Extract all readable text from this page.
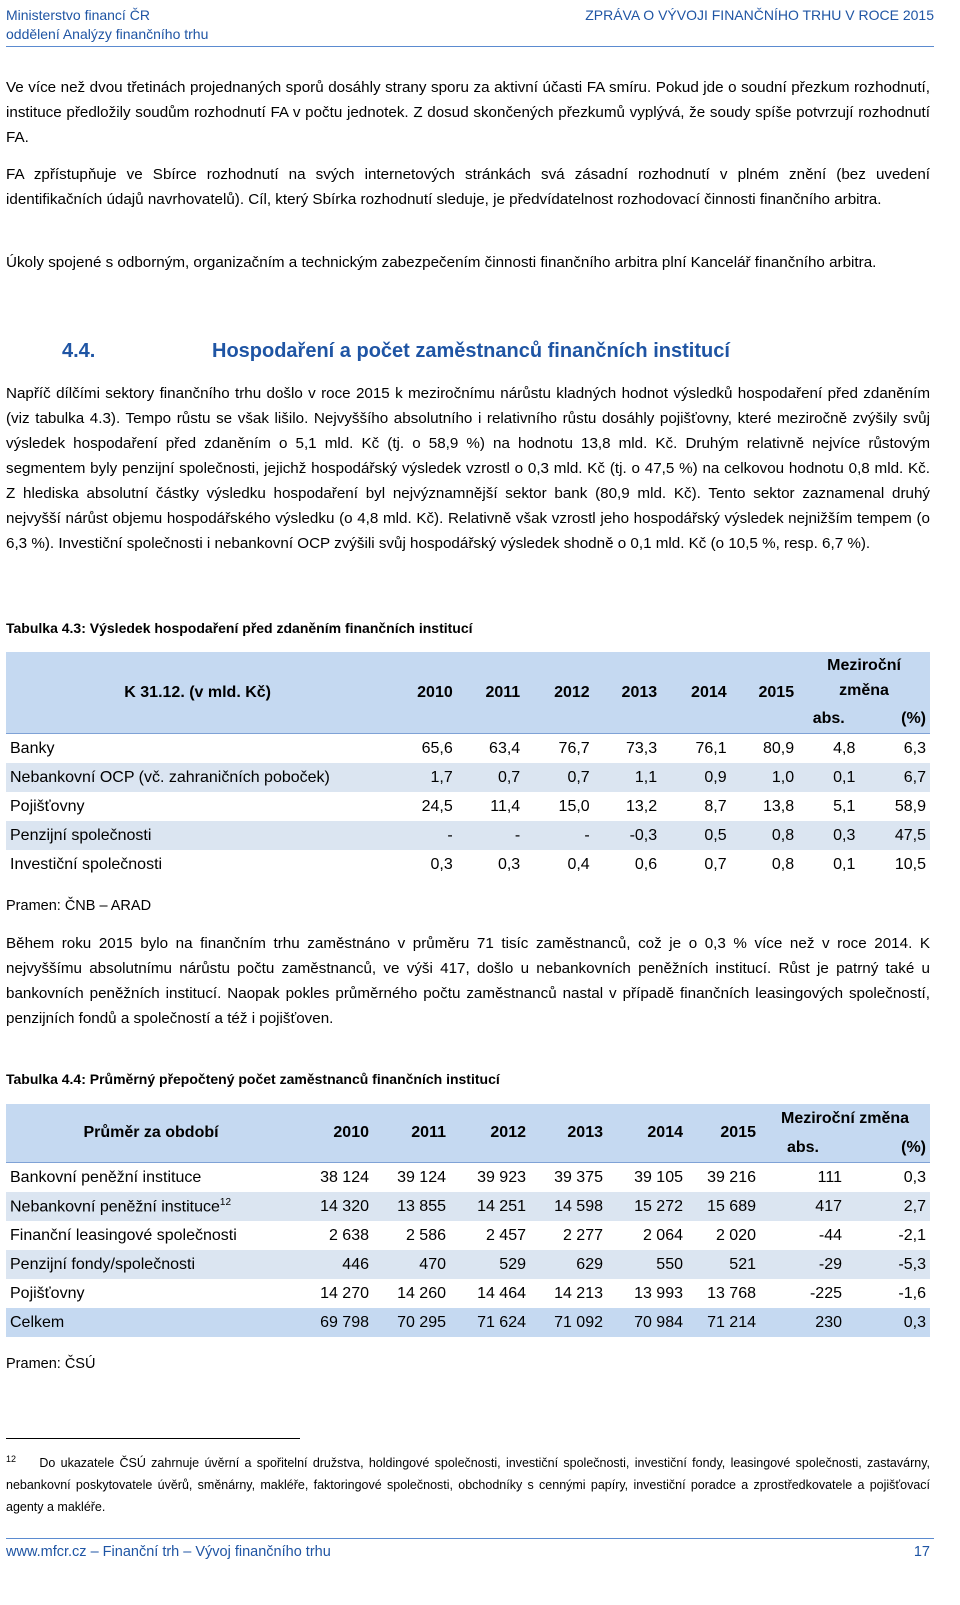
Ministerstvo financí ČR
oddělení Analýzy finančního trhu
ZPRÁVA O VÝVOJI FINANČNÍHO TRHU V ROCE 2015
Ve více než dvou třetinách projednaných sporů dosáhly strany sporu za aktivní účasti FA smíru. Pokud jde o soudní přezkum rozhodnutí, instituce předložily soudům rozhodnutí FA v počtu jednotek. Z dosud skončených přezkumů vyplývá, že soudy spíše potvrzují rozhodnutí FA.
FA zpřístupňuje ve Sbírce rozhodnutí na svých internetových stránkách svá zásadní rozhodnutí v plném znění (bez uvedení identifikačních údajů navrhovatelů). Cíl, který Sbírka rozhodnutí sleduje, je předvídatelnost rozhodovací činnosti finančního arbitra.
Úkoly spojené s odborným, organizačním a technickým zabezpečením činnosti finančního arbitra plní Kancelář finančního arbitra.
4.4.	Hospodaření a počet zaměstnanců finančních institucí
Napříč dílčími sektory finančního trhu došlo v roce 2015 k meziročnímu nárůstu kladných hodnot výsledků hospodaření před zdaněním (viz tabulka 4.3). Tempo růstu se však lišilo. Nejvyššího absolutního i relativního růstu dosáhly pojišťovny, které meziročně zvýšily svůj výsledek hospodaření před zdaněním o 5,1 mld. Kč (tj. o 58,9 %) na hodnotu 13,8 mld. Kč. Druhým relativně nejvíce růstovým segmentem byly penzijní společnosti, jejichž hospodářský výsledek vzrostl o 0,3 mld. Kč (tj. o 47,5 %) na celkovou hodnotu 0,8 mld. Kč. Z hlediska absolutní částky výsledku hospodaření byl nejvýznamnější sektor bank (80,9 mld. Kč). Tento sektor zaznamenal druhý nejvyšší nárůst objemu hospodářského výsledku (o 4,8 mld. Kč). Relativně však vzrostl jeho hospodářský výsledek nejnižším tempem (o 6,3 %). Investiční společnosti i nebankovní OCP zvýšili svůj hospodářský výsledek shodně o 0,1 mld. Kč (o 10,5 %, resp. 6,7 %).
Tabulka 4.3: Výsledek hospodaření před zdaněním finančních institucí
K 31.12. (v mld. Kč)	2010	2011	2012	2013	2014	2015	Meziroční změna	
							abs.	(%)
Banky	65,6	63,4	76,7	73,3	76,1	80,9	4,8	6,3
Nebankovní OCP (vč. zahraničních poboček)	1,7	0,7	0,7	1,1	0,9	1,0	0,1	6,7
Pojišťovny	24,5	11,4	15,0	13,2	8,7	13,8	5,1	58,9
Penzijní společnosti	-	-	-	-0,3	0,5	0,8	0,3	47,5
Investiční společnosti	0,3	0,3	0,4	0,6	0,7	0,8	0,1	10,5
Pramen: ČNB – ARAD
Během roku 2015 bylo na finančním trhu zaměstnáno v průměru 71 tisíc zaměstnanců, což je o 0,3 % více než v roce 2014. K nejvyššímu absolutnímu nárůstu počtu zaměstnanců, ve výši 417, došlo u nebankovních peněžních institucí. Růst je patrný také u bankovních peněžních institucí. Naopak pokles průměrného počtu zaměstnanců nastal v případě finančních leasingových společností, penzijních fondů a společností a též i pojišťoven.
Tabulka 4.4: Průměrný přepočtený počet zaměstnanců finančních institucí
Průměr za období	2010	2011	2012	2013	2014	2015	Meziroční změna	
							abs.	(%)
Bankovní peněžní instituce	38 124	39 124	39 923	39 375	39 105	39 216	111	0,3
Nebankovní peněžní instituce$^{12}$	14 320	13 855	14 251	14 598	15 272	15 689	417	2,7
Finanční leasingové společnosti	2 638	2 586	2 457	2 277	2 064	2 020	-44	-2,1
Penzijní fondy/společnosti	446	470	529	629	550	521	-29	-5,3
Pojišťovny	14 270	14 260	14 464	14 213	13 993	13 768	-225	-1,6
Celkem	69 798	70 295	71 624	71 092	70 984	71 214	230	0,3
Pramen: ČSÚ
$^{12}$ Do ukazatele ČSÚ zahrnuje úvěrní a spořitelní družstva, holdingové společnosti, investiční společnosti, investiční fondy, leasingové společnosti, zastavárny, nebankovní poskytovatele úvěrů, směnárny, makléře, faktoringové společnosti, obchodníky s cennými papíry, investiční poradce a zprostředkovatele a pojišťovací agenty a makléře.
www.mfcr.cz – Finanční trh – Vývoj finančního trhu	17
